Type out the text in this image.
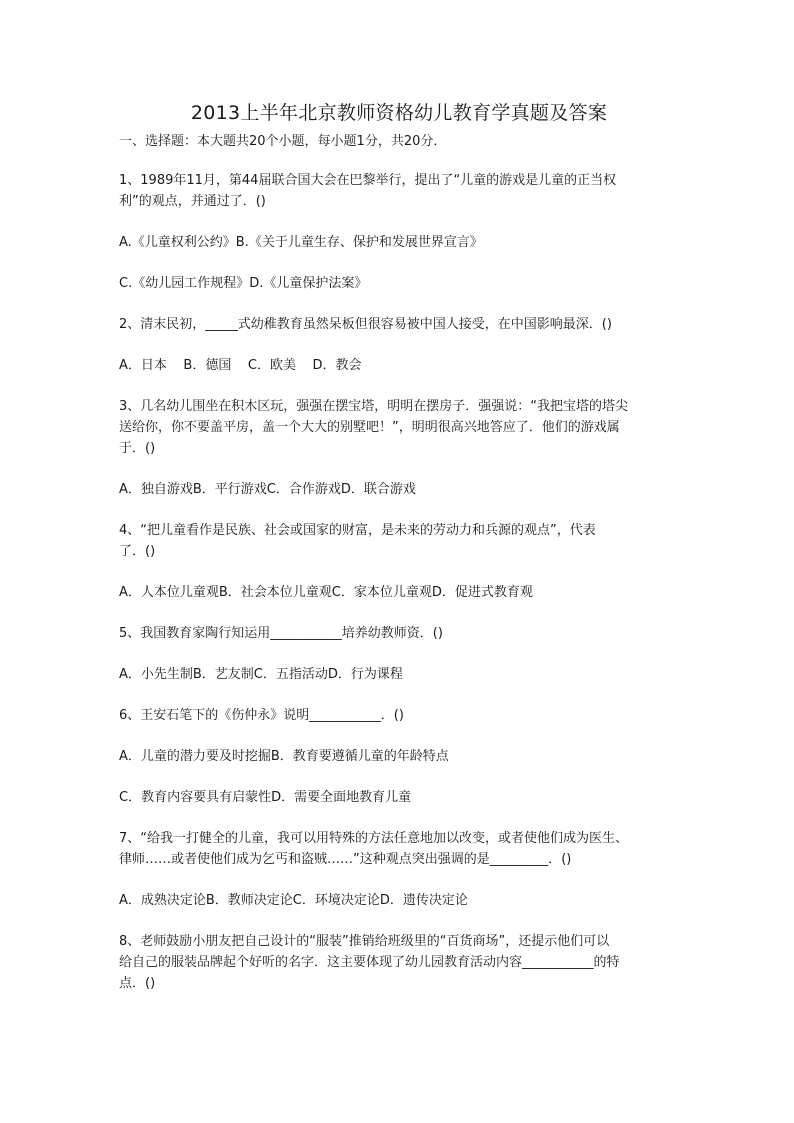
2013上半年北京教师资格幼儿教育学真题及答案

一、选择题：本大题共20个小题，每小题1分，共20分．

1、1989年11月，第44届联合国大会在巴黎举行，提出了“儿童的游戏是儿童的正当权
利”的观点，并通过了．()

A.《儿童权利公约》B.《关于儿童生存、保护和发展世界宣言》

C.《幼儿园工作规程》D.《儿童保护法案》

2、清末民初，_____式幼稚教育虽然呆板但很容易被中国人接受，在中国影响最深．()

A．日本    B．德国    C．欧美    D．教会

3、几名幼儿围坐在积木区玩，强强在摆宝塔，明明在摆房子．强强说：“我把宝塔的塔尖
送给你，你不要盖平房，盖一个大大的别墅吧！”，明明很高兴地答应了．他们的游戏属
于．()

A．独自游戏B．平行游戏C．合作游戏D．联合游戏

4、“把儿童看作是民族、社会或国家的财富，是未来的劳动力和兵源的观点”，代表
了．()

A．人本位儿童观B．社会本位儿童观C．家本位儿童观D．促进式教育观

5、我国教育家陶行知运用___________培养幼教师资．()

A．小先生制B．艺友制C．五指活动D．行为课程

6、王安石笔下的《伤仲永》说明___________．()

A．儿童的潜力要及时挖掘B．教育要遵循儿童的年龄特点

C．教育内容要具有启蒙性D．需要全面地教育儿童

7、“给我一打健全的儿童，我可以用特殊的方法任意地加以改变，或者使他们成为医生、
律师……或者使他们成为乞丐和盗贼……”这种观点突出强调的是_________．()

A．成熟决定论B．教师决定论C．环境决定论D．遗传决定论

8、老师鼓励小朋友把自己设计的“服装”推销给班级里的“百货商场”，还提示他们可以
给自己的服装品牌起个好听的名字．这主要体现了幼儿园教育活动内容___________的特
点．()
